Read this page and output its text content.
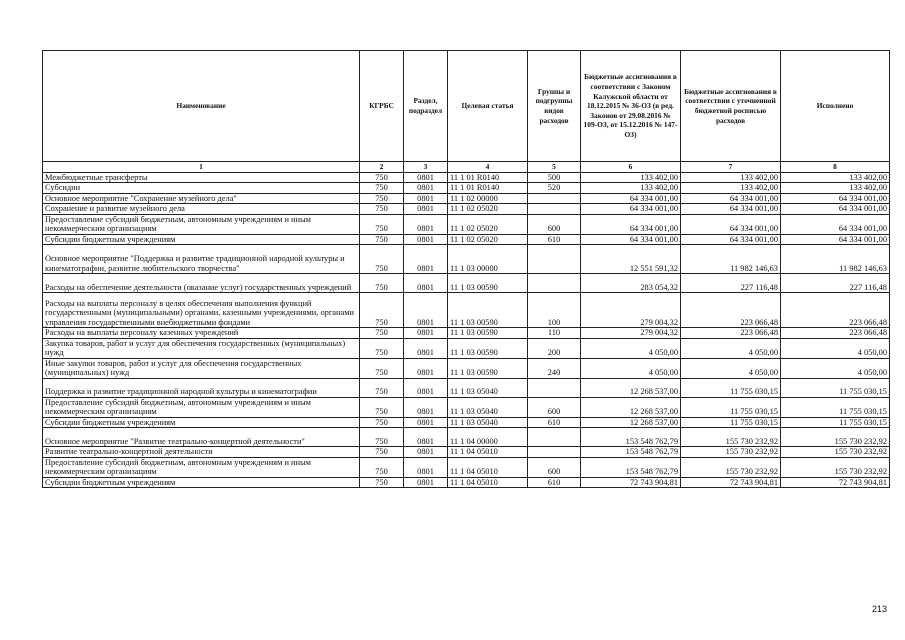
Наименование	КГРБС	Раздел, подраздел	Целевая статья	Группы и подгруппы видов расходов	Бюджетные ассигнования в соответствии с Законом Калужской области от 18.12.2015 № 36-ОЗ (в ред. Законов от 29.08.2016 № 109-ОЗ, от 15.12.2016 № 147-ОЗ)	Бюджетные ассигнования в соответствии с уточненной бюджетной росписью расходов	Исполнено
1	2	3	4	5	6	7	8
Межбюджетные трансферты	750	0801	11 1 01 R0140	500	133 402,00	133 402,00	133 402,00
Субсидии	750	0801	11 1 01 R0140	520	133 402,00	133 402,00	133 402,00
Основное мероприятие "Сохранение музейного дела"	750	0801	11 1 02 00000		64 334 001,00	64 334 001,00	64 334 001,00
Сохранение и развитие музейного дела	750	0801	11 1 02 05020		64 334 001,00	64 334 001,00	64 334 001,00
Предоставление субсидий бюджетным, автономным учреждениям и иным некоммерческим организациям	750	0801	11 1 02 05020	600	64 334 001,00	64 334 001,00	64 334 001,00
Субсидии бюджетным учреждениям	750	0801	11 1 02 05020	610	64 334 001,00	64 334 001,00	64 334 001,00
Основное мероприятие "Поддержка и развитие традиционной народной культуры и кинематографии, развитие любительского творчества"	750	0801	11 1 03 00000		12 551 591,32	11 982 146,63	11 982 146,63
Расходы на обеспечение деятельности (оказание услуг) государственных учреждений	750	0801	11 1 03 00590		283 054,32	227 116,48	227 116,48
Расходы на выплаты персоналу в целях обеспечения выполнения функций государственными (муниципальными) органами, казенными учреждениями, органами управления государственными внебюджетными фондами	750	0801	11 1 03 00590	100	279 004,32	223 066,48	223 066,48
Расходы на выплаты персоналу казенных учреждений	750	0801	11 1 03 00590	110	279 004,32	223 066,48	223 066,48
Закупка товаров, работ и услуг для обеспечения государственных (муниципальных) нужд	750	0801	11 1 03 00590	200	4 050,00	4 050,00	4 050,00
Иные закупки товаров, работ и услуг для обеспечения государственных (муниципальных) нужд	750	0801	11 1 03 00590	240	4 050,00	4 050,00	4 050,00
Поддержка и развитие традиционной народной культуры и кинематографии	750	0801	11 1 03 05040		12 268 537,00	11 755 030,15	11 755 030,15
Предоставление субсидий бюджетным, автономным учреждениям и иным некоммерческим организациям	750	0801	11 1 03 05040	600	12 268 537,00	11 755 030,15	11 755 030,15
Субсидии бюджетным учреждениям	750	0801	11 1 03 05040	610	12 268 537,00	11 755 030,15	11 755 030,15
Основное мероприятие "Развитие театрально-концертной деятельности"	750	0801	11 1 04 00000		153 548 762,79	155 730 232,92	155 730 232,92
Развитие театрально-концертной деятельности	750	0801	11 1 04 05010		153 548 762,79	155 730 232,92	155 730 232,92
Предоставление субсидий бюджетным, автономным учреждениям и иным некоммерческим организациям	750	0801	11 1 04 05010	600	153 548 762,79	155 730 232,92	155 730 232,92
Субсидии бюджетным учреждениям	750	0801	11 1 04 05010	610	72 743 904,81	72 743 904,81	72 743 904,81
213
